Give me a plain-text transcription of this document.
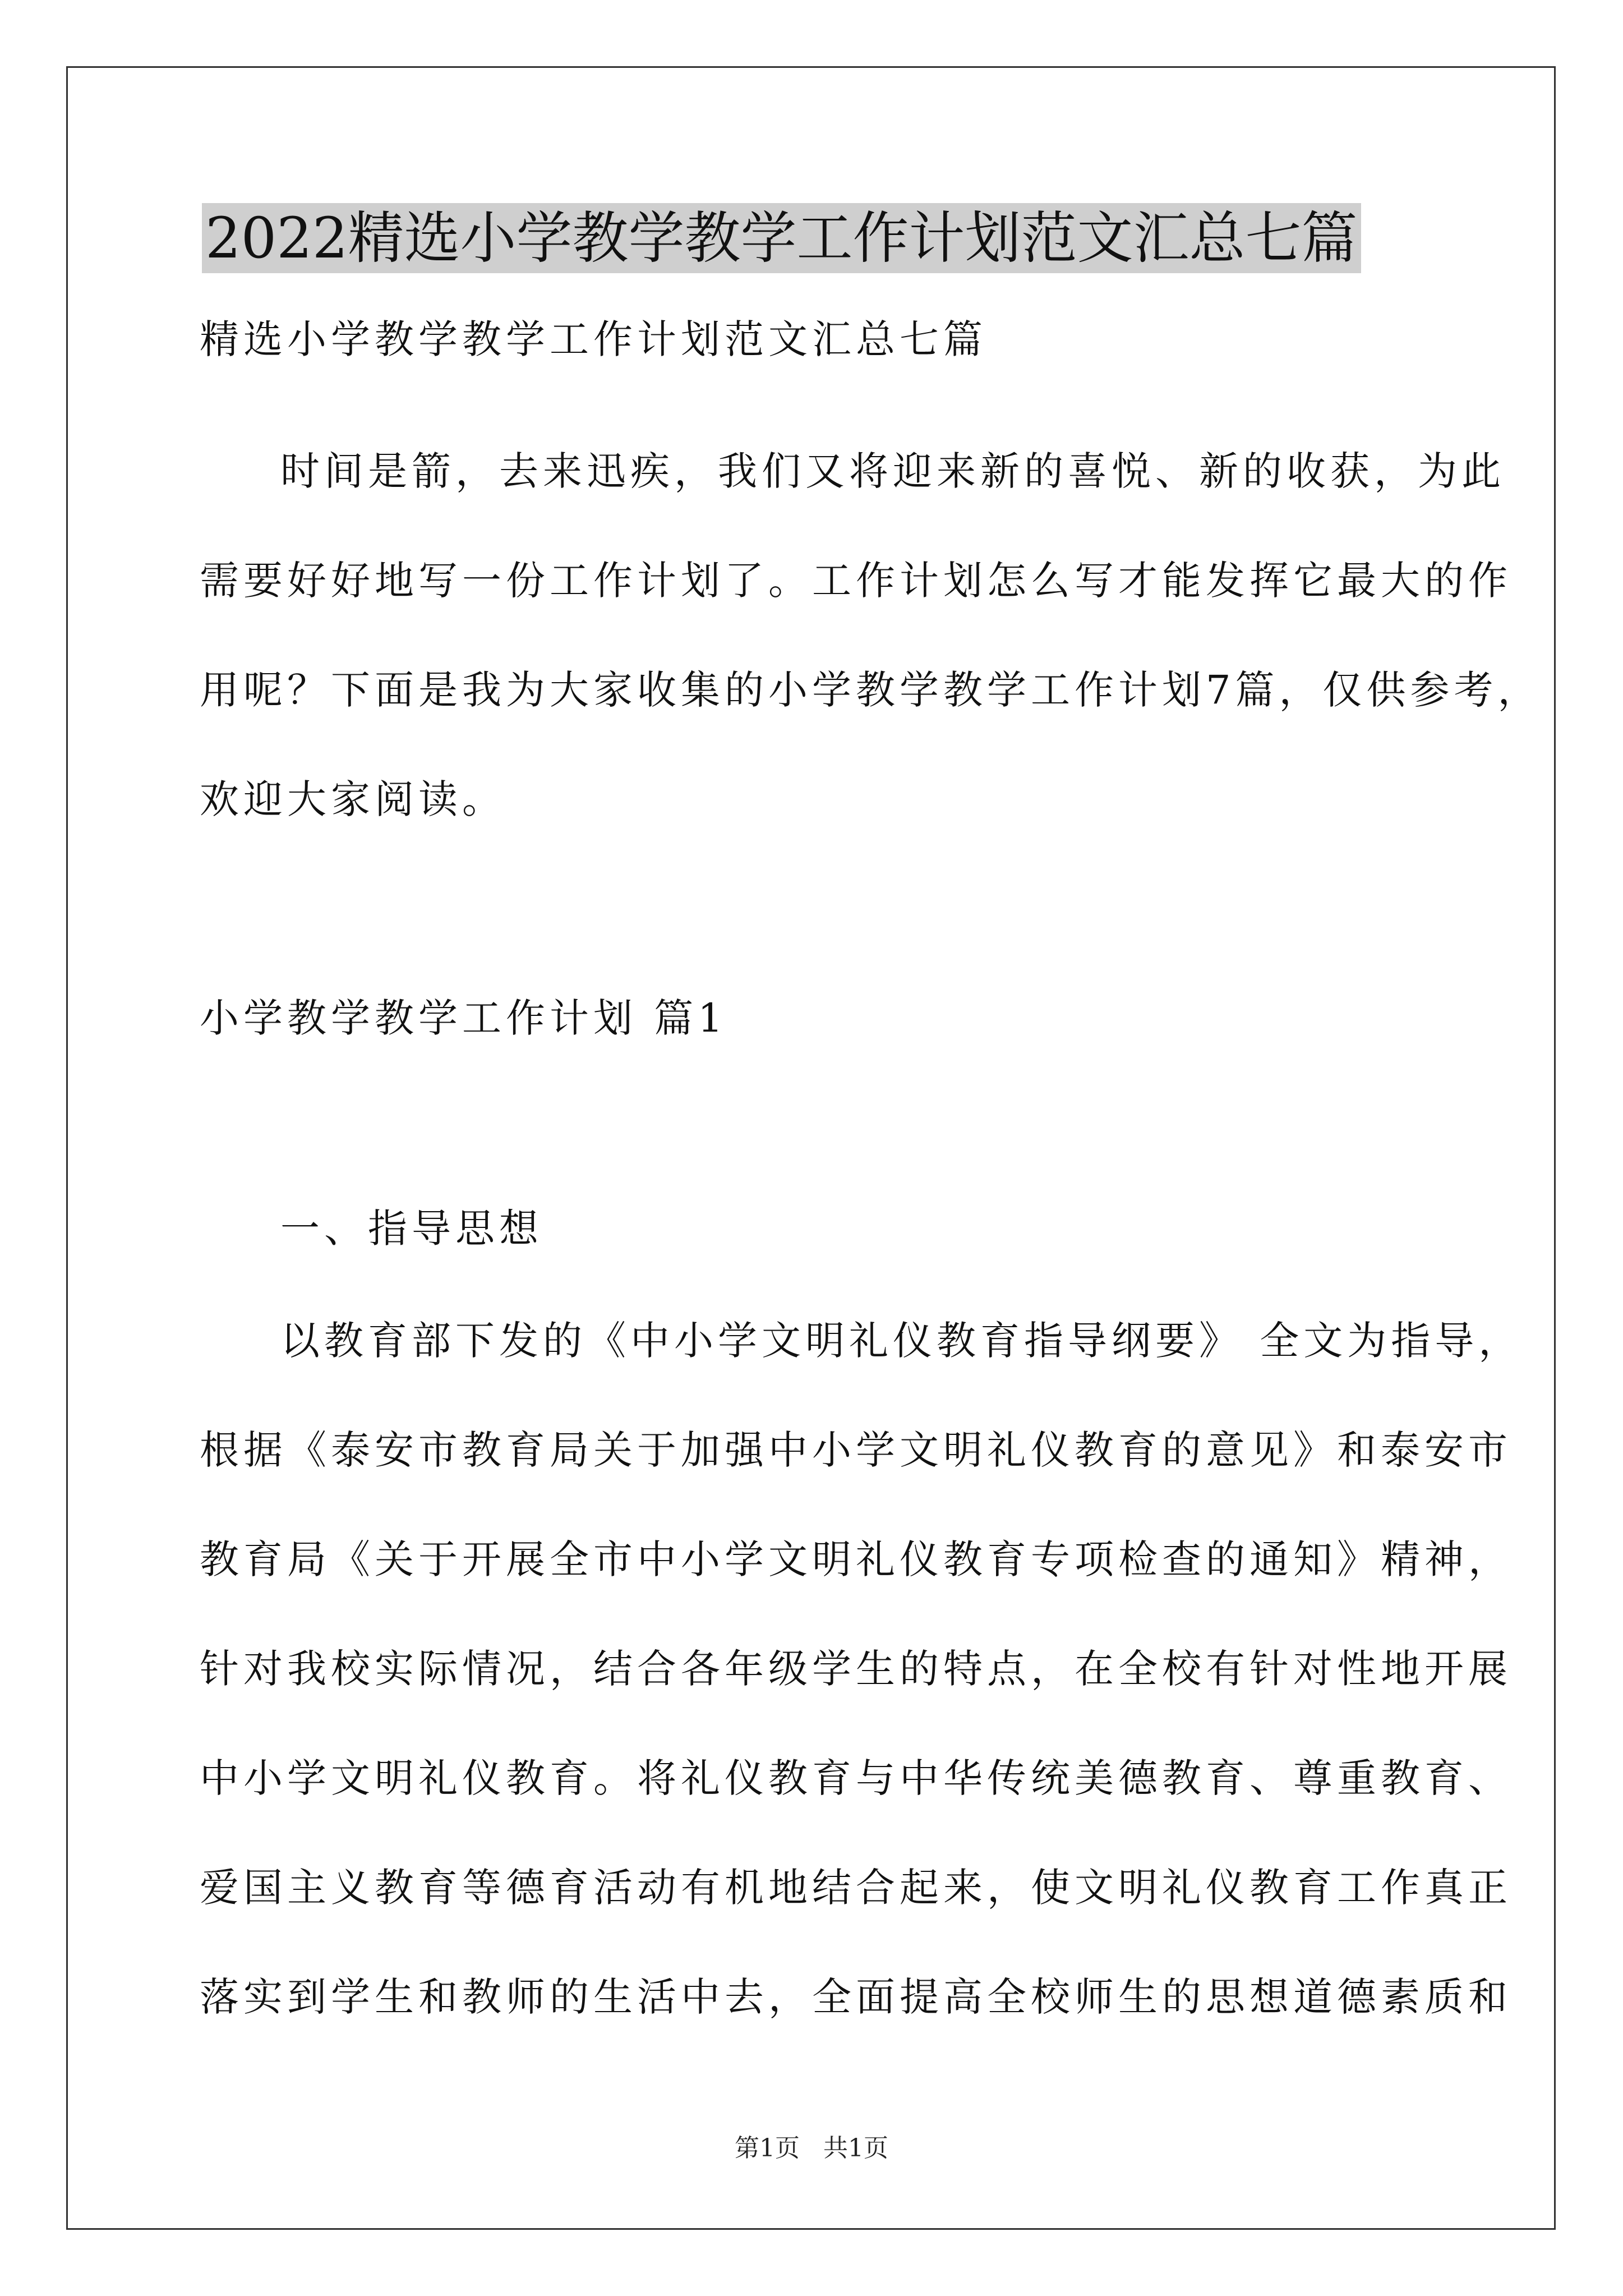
2022精选小学教学教学工作计划范文汇总七篇
精选小学教学教学工作计划范文汇总七篇
时间是箭，去来迅疾，我们又将迎来新的喜悦、新的收获，为此
需要好好地写一份工作计划了。工作计划怎么写才能发挥它最大的作
用呢？下面是我为大家收集的小学教学教学工作计划7篇，仅供参考，
欢迎大家阅读。
小学教学教学工作计划 篇1
一、指导思想
以教育部下发的《中小学文明礼仪教育指导纲要》 全文为指导，
根据《泰安市教育局关于加强中小学文明礼仪教育的意见》和泰安市
教育局《关于开展全市中小学文明礼仪教育专项检查的通知》精神，
针对我校实际情况，结合各年级学生的特点，在全校有针对性地开展
中小学文明礼仪教育。将礼仪教育与中华传统美德教育、尊重教育、
爱国主义教育等德育活动有机地结合起来，使文明礼仪教育工作真正
落实到学生和教师的生活中去，全面提高全校师生的思想道德素质和
第1页   共1页
